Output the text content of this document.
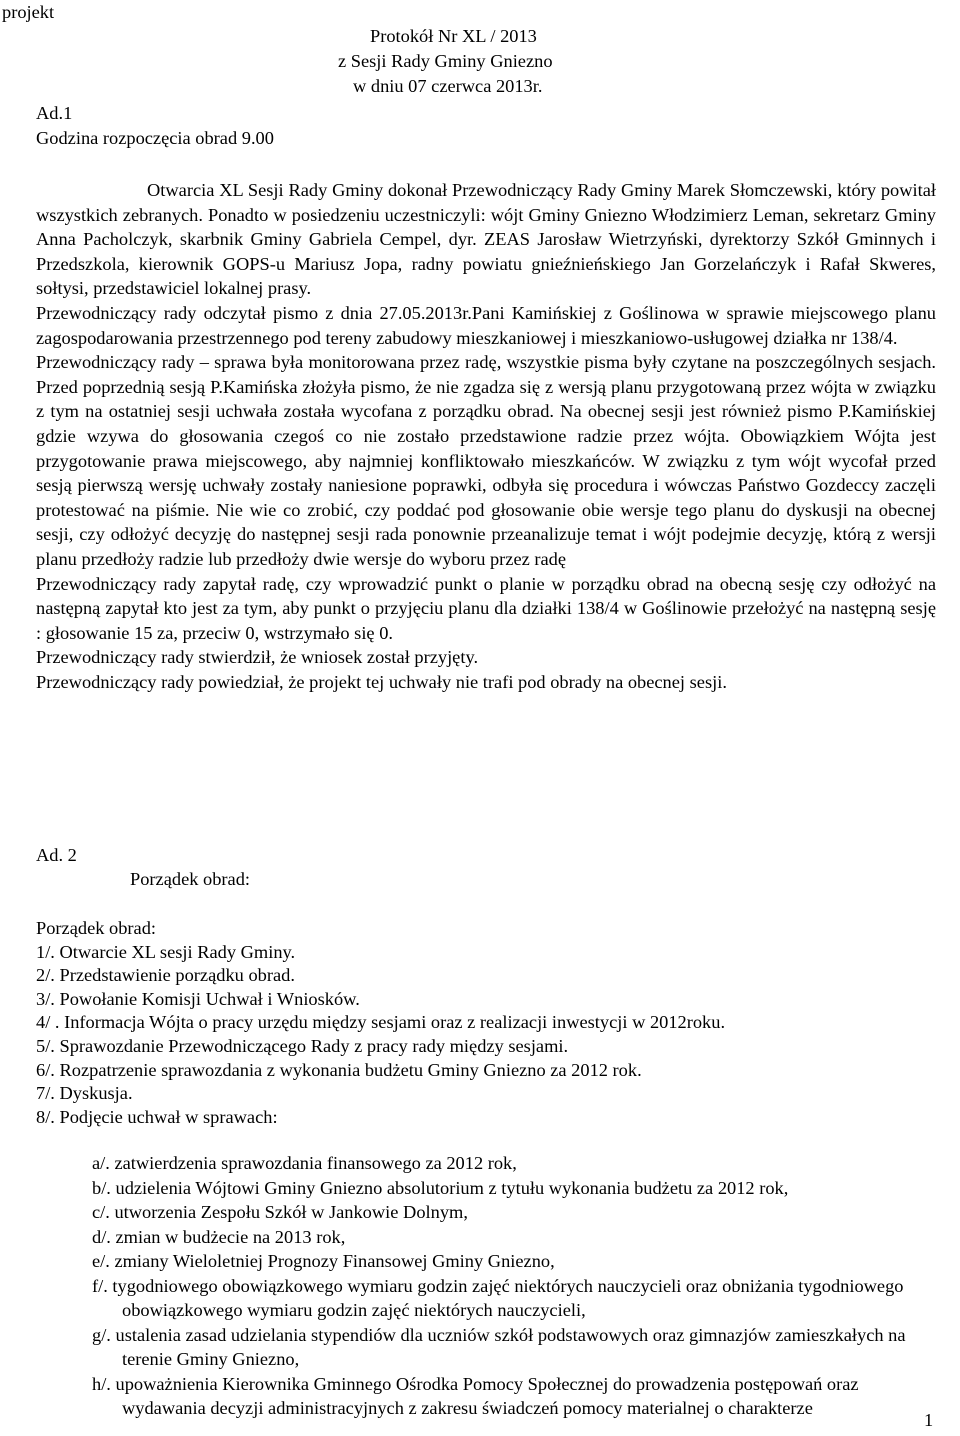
projekt
Protokół Nr XL / 2013
z Sesji Rady Gminy Gniezno
w dniu 07 czerwca 2013r.
Ad.1
Godzina rozpoczęcia obrad 9.00

Otwarcia XL Sesji Rady Gminy dokonał Przewodniczący Rady Gminy Marek Słomczewski, który powitał wszystkich zebranych. Ponadto w posiedzeniu uczestniczyli: wójt Gminy Gniezno Włodzimierz Leman, sekretarz Gminy Anna Pacholczyk, skarbnik Gminy Gabriela Cempel, dyr. ZEAS Jarosław Wietrzyński, dyrektorzy Szkół Gminnych i Przedszkola, kierownik GOPS-u Mariusz Jopa, radny powiatu gnieźnieńskiego Jan Gorzelańczyk i Rafał Skweres, sołtysi, przedstawiciel lokalnej prasy.

Przewodniczący rady odczytał pismo z dnia 27.05.2013r.Pani Kamińskiej z Goślinowa w sprawie miejscowego planu zagospodarowania przestrzennego pod tereny zabudowy mieszkaniowej i mieszkaniowo-usługowej działka nr 138/4.

Przewodniczący rady – sprawa była monitorowana przez radę, wszystkie pisma były czytane na poszczególnych sesjach. Przed poprzednią sesją P.Kamińska złożyła pismo, że nie zgadza się z wersją planu przygotowaną przez wójta w związku z tym na ostatniej sesji uchwała została wycofana z porządku obrad. Na obecnej sesji jest również pismo P.Kamińskiej gdzie wzywa do głosowania czegoś co nie zostało przedstawione radzie przez wójta. Obowiązkiem Wójta jest przygotowanie prawa miejscowego, aby najmniej konfliktowało mieszkańców. W związku z tym wójt wycofał przed sesją pierwszą wersję uchwały zostały naniesione poprawki, odbyła się procedura i wówczas Państwo Gozdeccy zaczęli protestować na piśmie. Nie wie co zrobić, czy poddać pod głosowanie obie wersje tego planu do dyskusji na obecnej sesji, czy odłożyć decyzję do następnej sesji rada ponownie przeanalizuje temat i wójt podejmie decyzję, którą z wersji planu przedłoży radzie lub przedłoży dwie wersje do wyboru przez radę

Przewodniczący rady zapytał radę, czy wprowadzić punkt o planie w porządku obrad na obecną sesję czy odłożyć na następną zapytał kto jest za tym, aby punkt o przyjęciu planu dla działki 138/4 w Goślinowie przełożyć na następną sesję : głosowanie 15 za, przeciw 0, wstrzymało się 0.

Przewodniczący rady stwierdził, że wniosek został przyjęty.

Przewodniczący rady powiedział, że projekt tej uchwały nie trafi pod obrady na obecnej sesji.

Ad. 2
Porządek obrad:
Porządek obrad:
1/. Otwarcie XL sesji Rady Gminy.
2/. Przedstawienie porządku obrad.
3/. Powołanie Komisji Uchwał i Wniosków.
4/ . Informacja Wójta o pracy urzędu między sesjami oraz z realizacji inwestycji w 2012roku.
5/. Sprawozdanie Przewodniczącego Rady z pracy rady między sesjami.
6/. Rozpatrzenie sprawozdania z wykonania budżetu Gminy Gniezno za 2012 rok.
7/. Dyskusja.
8/. Podjęcie uchwał w sprawach:
a/. zatwierdzenia sprawozdania finansowego za 2012 rok,
b/. udzielenia Wójtowi Gminy Gniezno absolutorium z tytułu wykonania budżetu za 2012 rok,
c/. utworzenia Zespołu Szkół w Jankowie Dolnym,
d/. zmian w budżecie na 2013 rok,
e/. zmiany Wieloletniej Prognozy Finansowej Gminy Gniezno,
f/. tygodniowego obowiązkowego wymiaru godzin zajęć niektórych nauczycieli oraz obniżania tygodniowego obowiązkowego wymiaru godzin zajęć niektórych nauczycieli,
g/. ustalenia zasad udzielania stypendiów dla uczniów szkół podstawowych oraz gimnazjów zamieszkałych na terenie Gminy Gniezno,
h/. upoważnienia Kierownika Gminnego Ośrodka Pomocy Społecznej do prowadzenia postępowań oraz wydawania decyzji administracyjnych z zakresu świadczeń pomocy materialnej o charakterze
1
